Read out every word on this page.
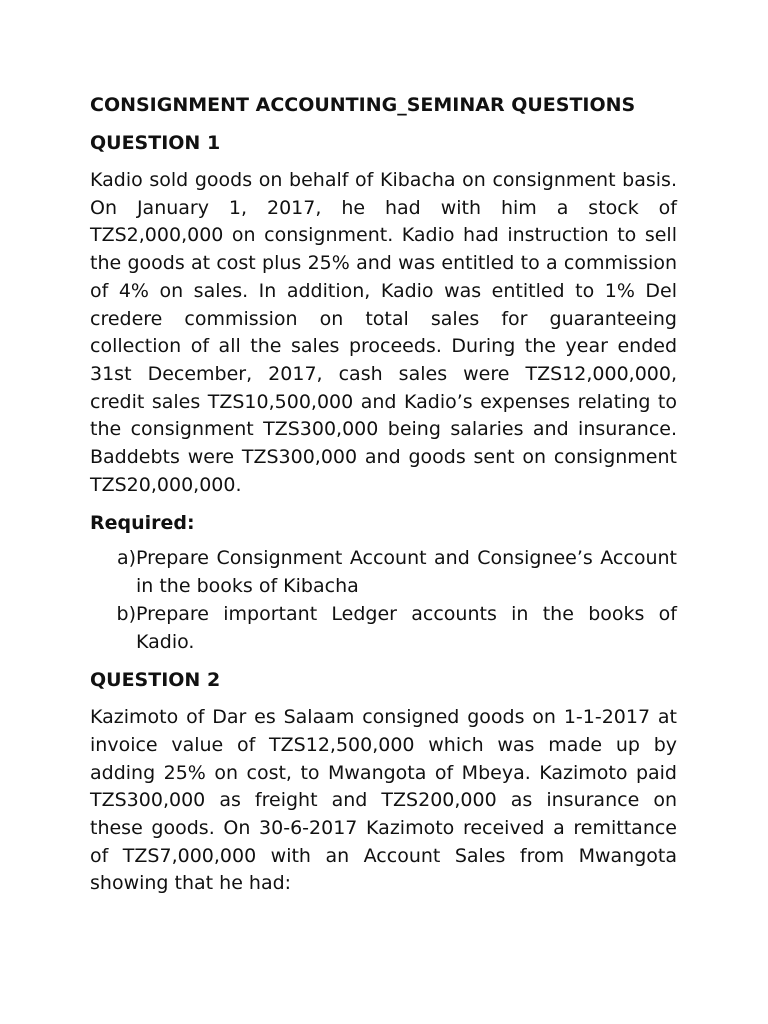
CONSIGNMENT ACCOUNTING_SEMINAR QUESTIONS
QUESTION 1

Kadio sold goods on behalf of Kibacha on consignment basis. On January 1, 2017, he had with him a stock of TZS2,000,000 on consignment. Kadio had instruction to sell the goods at cost plus 25% and was entitled to a commission of 4% on sales. In addition, Kadio was entitled to 1% Del credere commission on total sales for guaranteeing collection of all the sales proceeds. During the year ended 31st December, 2017, cash sales were TZS12,000,000, credit sales TZS10,500,000 and Kadio’s expenses relating to the consignment TZS300,000 being salaries and insurance. Baddebts were TZS300,000 and goods sent on consignment TZS20,000,000.

Required:
a) Prepare Consignment Account and Consignee’s Account in the books of Kibacha
b) Prepare important Ledger accounts in the books of Kadio.
QUESTION 2

Kazimoto of Dar es Salaam consigned goods on 1-1-2017 at invoice value of TZS12,500,000 which was made up by adding 25% on cost, to Mwangota of Mbeya. Kazimoto paid TZS300,000 as freight and TZS200,000 as insurance on these goods. On 30-6-2017 Kazimoto received a remittance of TZS7,000,000 with an Account Sales from Mwangota showing that he had:
